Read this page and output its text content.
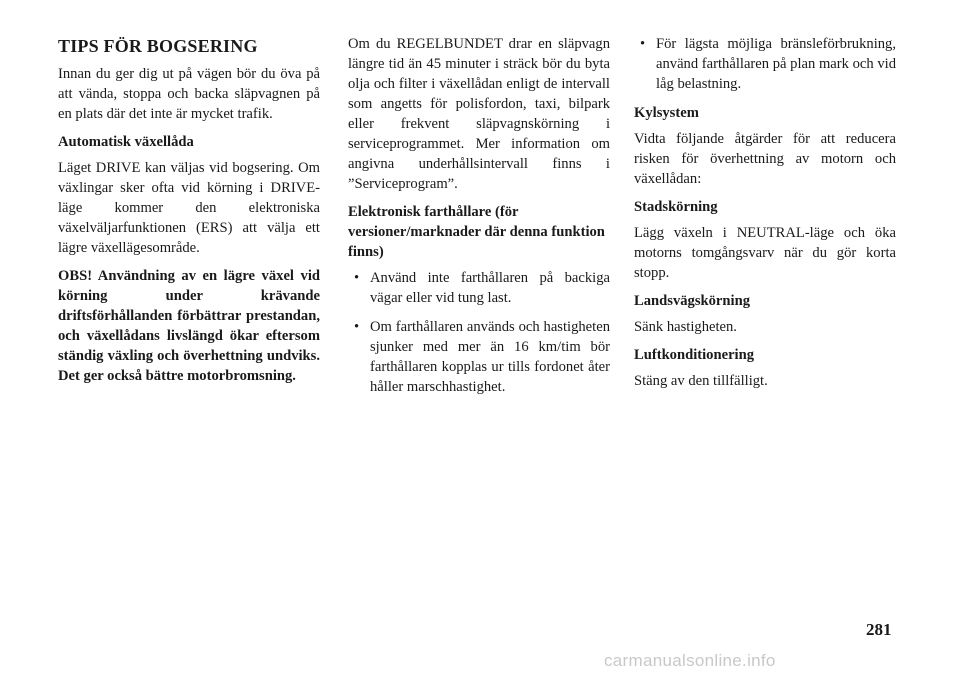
TIPS FÖR BOGSERING

Innan du ger dig ut på vägen bör du öva på att vända, stoppa och backa släpvagnen på en plats där det inte är mycket trafik.

Automatisk växellåda

Läget DRIVE kan väljas vid bogsering. Om växlingar sker ofta vid körning i DRIVE-läge kommer den elektroniska växelväljarfunktionen (ERS) att välja ett lägre växellägesområde.

OBS! Användning av en lägre växel vid körning under krävande driftsförhållanden förbättrar prestandan, och växellådans livslängd ökar eftersom ständig växling och överhettning undviks. Det ger också bättre motorbromsning.

Om du REGELBUNDET drar en släpvagn längre tid än 45 minuter i sträck bör du byta olja och filter i växellådan enligt de intervall som angetts för polisfordon, taxi, bilpark eller frekvent släpvagnskörning i serviceprogrammet. Mer information om angivna underhållsintervall finns i ”Serviceprogram”.

Elektronisk farthållare (för versioner/marknader där denna funktion finns)

• Använd inte farthållaren på backiga vägar eller vid tung last.
• Om farthållaren används och hastigheten sjunker med mer än 16 km/tim bör farthållaren kopplas ur tills fordonet åter håller marschhastighet.
• För lägsta möjliga bränsleförbrukning, använd farthållaren på plan mark och vid låg belastning.

Kylsystem

Vidta följande åtgärder för att reducera risken för överhettning av motorn och växellådan:

Stadskörning

Lägg växeln i NEUTRAL-läge och öka motorns tomgångsvarv när du gör korta stopp.

Landsvägskörning

Sänk hastigheten.

Luftkonditionering

Stäng av den tillfälligt.

281
carmanualsonline.info
